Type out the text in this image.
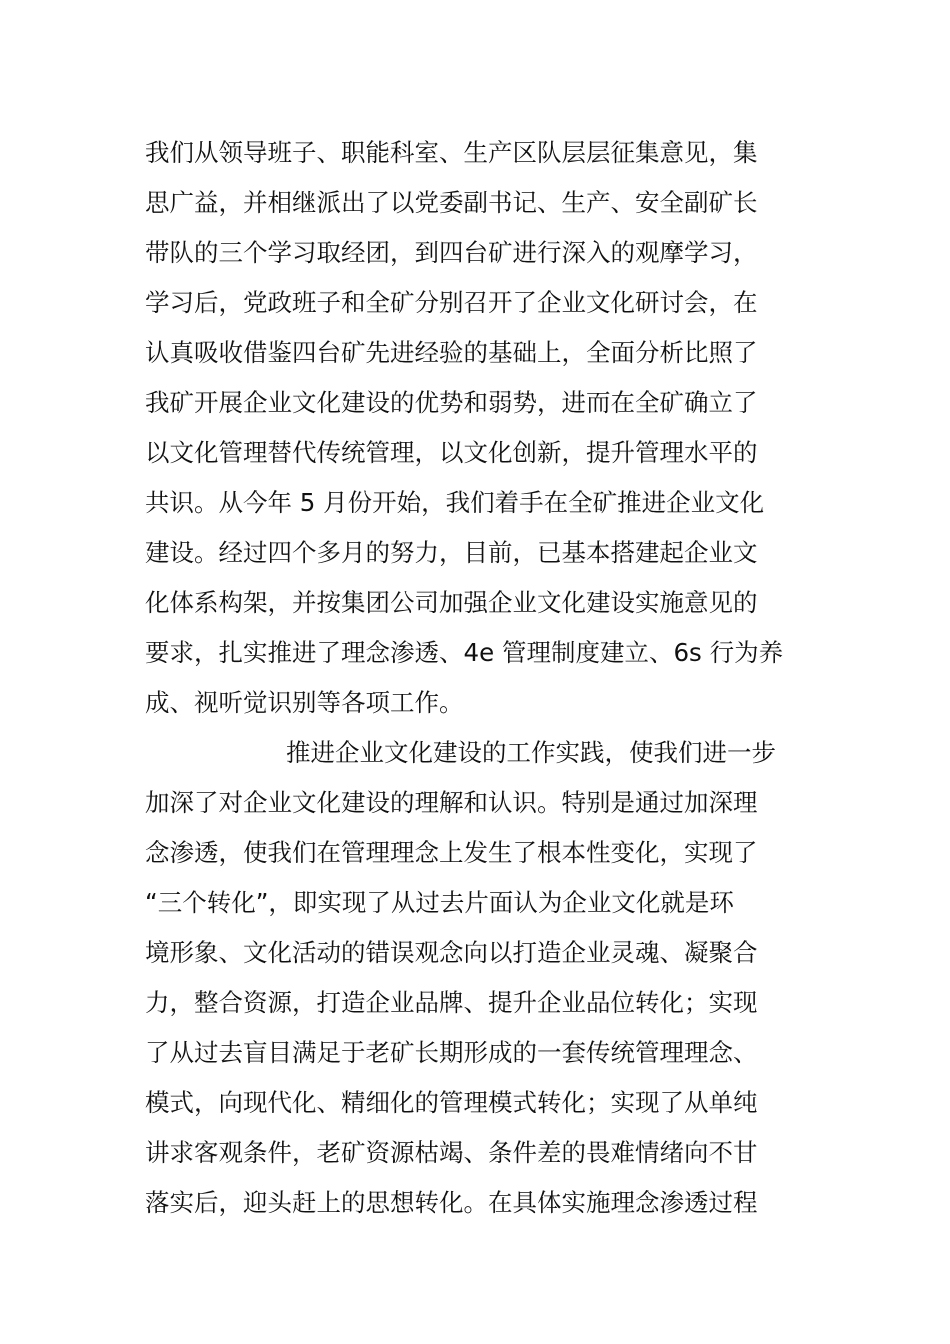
我们从领导班子、职能科室、生产区队层层征集意见，集
思广益，并相继派出了以党委副书记、生产、安全副矿长
带队的三个学习取经团，到四台矿进行深入的观摩学习，
学习后，党政班子和全矿分别召开了企业文化研讨会，在
认真吸收借鉴四台矿先进经验的基础上，全面分析比照了
我矿开展企业文化建设的优势和弱势，进而在全矿确立了
以文化管理替代传统管理，以文化创新，提升管理水平的
共识。从今年 5 月份开始，我们着手在全矿推进企业文化
建设。经过四个多月的努力，目前，已基本搭建起企业文
化体系构架，并按集团公司加强企业文化建设实施意见的
要求，扎实推进了理念渗透、4e 管理制度建立、6s 行为养
成、视听觉识别等各项工作。
推进企业文化建设的工作实践，使我们进一步
加深了对企业文化建设的理解和认识。特别是通过加深理
念渗透，使我们在管理理念上发生了根本性变化，实现了
“三个转化”，即实现了从过去片面认为企业文化就是环
境形象、文化活动的错误观念向以打造企业灵魂、凝聚合
力，整合资源，打造企业品牌、提升企业品位转化；实现
了从过去盲目满足于老矿长期形成的一套传统管理理念、
模式，向现代化、精细化的管理模式转化；实现了从单纯
讲求客观条件，老矿资源枯竭、条件差的畏难情绪向不甘
落实后，迎头赶上的思想转化。在具体实施理念渗透过程
